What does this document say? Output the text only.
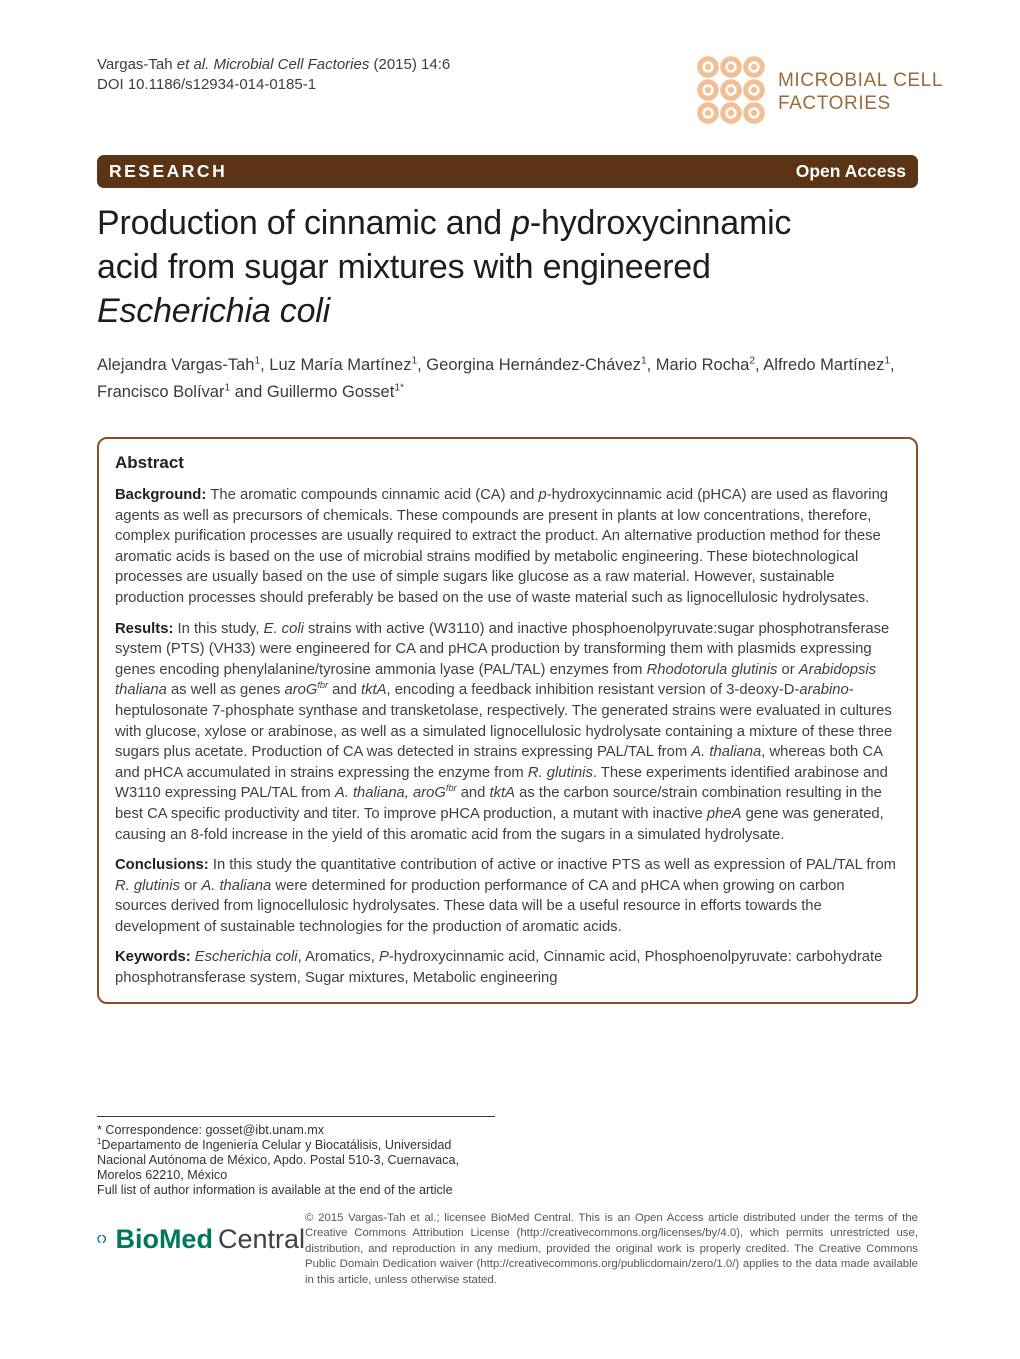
Vargas-Tah et al. Microbial Cell Factories (2015) 14:6
DOI 10.1186/s12934-014-0185-1	MICROBIAL CELL
FACTORIES
RESEARCH	Open Access
Production of cinnamic and p-hydroxycinnamic
acid from sugar mixtures with engineered
Escherichia coli
Alejandra Vargas-Tah$^1$, Luz María Martínez$^1$, Georgina Hernández-Chávez$^1$, Mario Rocha$^2$, Alfredo Martínez$^1$,
Francisco Bolívar$^1$ and Guillermo Gosset$^{1*}$
Abstract

Background: The aromatic compounds cinnamic acid (CA) and p-hydroxycinnamic acid (pHCA) are used as flavoring agents as well as precursors of chemicals. These compounds are present in plants at low concentrations, therefore, complex purification processes are usually required to extract the product. An alternative production method for these aromatic acids is based on the use of microbial strains modified by metabolic engineering. These biotechnological processes are usually based on the use of simple sugars like glucose as a raw material. However, sustainable production processes should preferably be based on the use of waste material such as lignocellulosic hydrolysates.

Results: In this study, E. coli strains with active (W3110) and inactive phosphoenolpyruvate:sugar phosphotransferase system (PTS) (VH33) were engineered for CA and pHCA production by transforming them with plasmids expressing genes encoding phenylalanine/tyrosine ammonia lyase (PAL/TAL) enzymes from Rhodotorula glutinis or Arabidopsis thaliana as well as genes aroG$^{fbr}$ and tktA, encoding a feedback inhibition resistant version of 3-deoxy-D-arabino-heptulosonate 7-phosphate synthase and transketolase, respectively. The generated strains were evaluated in cultures with glucose, xylose or arabinose, as well as a simulated lignocellulosic hydrolysate containing a mixture of these three sugars plus acetate. Production of CA was detected in strains expressing PAL/TAL from A. thaliana, whereas both CA and pHCA accumulated in strains expressing the enzyme from R. glutinis. These experiments identified arabinose and W3110 expressing PAL/TAL from A. thaliana, aroG$^{fbr}$ and tktA as the carbon source/strain combination resulting in the best CA specific productivity and titer. To improve pHCA production, a mutant with inactive pheA gene was generated, causing an 8-fold increase in the yield of this aromatic acid from the sugars in a simulated hydrolysate.

Conclusions: In this study the quantitative contribution of active or inactive PTS as well as expression of PAL/TAL from R. glutinis or A. thaliana were determined for production performance of CA and pHCA when growing on carbon sources derived from lignocellulosic hydrolysates. These data will be a useful resource in efforts towards the development of sustainable technologies for the production of aromatic acids.

Keywords: Escherichia coli, Aromatics, P-hydroxycinnamic acid, Cinnamic acid, Phosphoenolpyruvate: carbohydrate phosphotransferase system, Sugar mixtures, Metabolic engineering

* Correspondence: gosset@ibt.unam.mx
$^1$Departamento de Ingeniería Celular y Biocatálisis, Universidad Nacional Autónoma de México, Apdo. Postal 510-3, Cuernavaca, Morelos 62210, México
Full list of author information is available at the end of the article
BioMed Central
© 2015 Vargas-Tah et al.; licensee BioMed Central. This is an Open Access article distributed under the terms of the Creative Commons Attribution License (http://creativecommons.org/licenses/by/4.0), which permits unrestricted use, distribution, and reproduction in any medium, provided the original work is properly credited. The Creative Commons Public Domain Dedication waiver (http://creativecommons.org/publicdomain/zero/1.0/) applies to the data made available in this article, unless otherwise stated.
